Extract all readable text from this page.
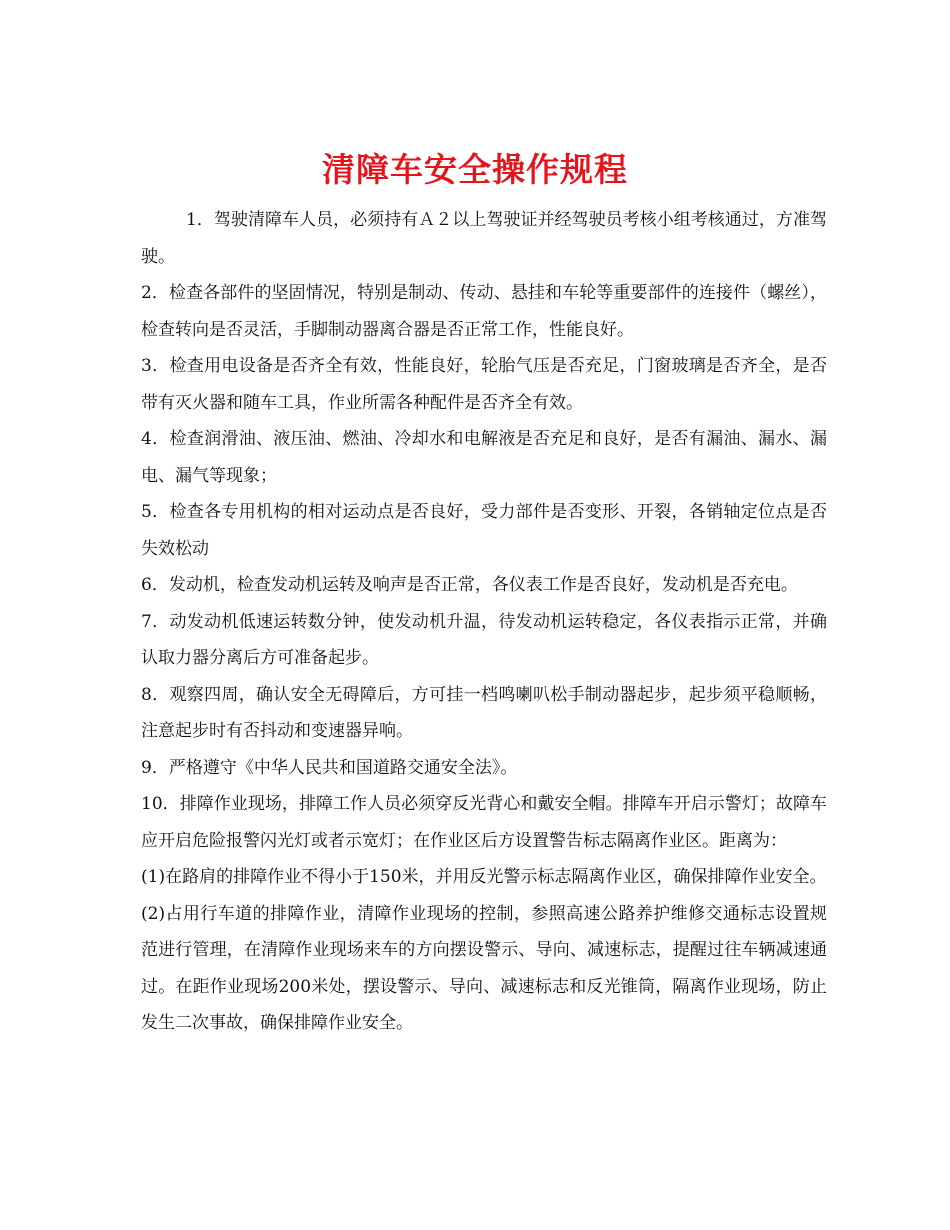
清障车安全操作规程

1．驾驶清障车人员，必须持有Ａ２以上驾驶证并经驾驶员考核小组考核通过，方准驾驶。

2．检查各部件的坚固情况，特别是制动、传动、悬挂和车轮等重要部件的连接件（螺丝），检查转向是否灵活，手脚制动器离合器是否正常工作，性能良好。

3．检查用电设备是否齐全有效，性能良好，轮胎气压是否充足，门窗玻璃是否齐全，是否带有灭火器和随车工具，作业所需各种配件是否齐全有效。

4．检查润滑油、液压油、燃油、冷却水和电解液是否充足和良好，是否有漏油、漏水、漏电、漏气等现象；

5．检查各专用机构的相对运动点是否良好，受力部件是否变形、开裂，各销轴定位点是否失效松动

6．发动机，检查发动机运转及响声是否正常，各仪表工作是否良好，发动机是否充电。

7．动发动机低速运转数分钟，使发动机升温，待发动机运转稳定，各仪表指示正常，并确认取力器分离后方可准备起步。

8．观察四周，确认安全无碍障后，方可挂一档鸣喇叭松手制动器起步，起步须平稳顺畅，注意起步时有否抖动和变速器异响。

9．严格遵守《中华人民共和国道路交通安全法》。

10．排障作业现场，排障工作人员必须穿反光背心和戴安全帽。排障车开启示警灯；故障车应开启危险报警闪光灯或者示宽灯；在作业区后方设置警告标志隔离作业区。距离为：

(1)在路肩的排障作业不得小于150米，并用反光警示标志隔离作业区，确保排障作业安全。

(2)占用行车道的排障作业，清障作业现场的控制，参照高速公路养护维修交通标志设置规范进行管理，在清障作业现场来车的方向摆设警示、导向、减速标志，提醒过往车辆减速通过。在距作业现场200米处，摆设警示、导向、减速标志和反光锥筒，隔离作业现场，防止发生二次事故，确保排障作业安全。
